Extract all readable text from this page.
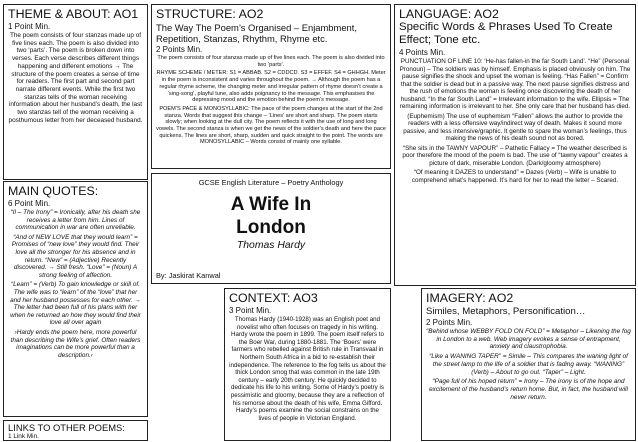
THEME & ABOUT: AO1
1 Point Min.

The poem consists of four stanzas made up of five lines each. The poem is also divided into two ‘parts’. The poem is broken down into verses. Each verse describes different things happening and different emotions → The structure of the poem creates a sense of time for readers. The first part and second part narrate different events. While the first two stanzas tells of the woman receiving information about her husband’s death, the last two stanzas tell of the woman receiving a posthumous letter from her deceased husband.

STRUCTURE: AO2
The Way The Poem’s Organised – Enjambment, Repetition, Stanzas, Rhythm, Rhyme etc.
2 Points Min.

The poem consists of four stanzas made up of five lines each. The poem is also divided into two ‘parts’.

RHYME SCHEME / METER: S1 = ABBAB. S2 = CDDCD. S3 = EFFEF. S4 = GHHGH. Meter in the poem is inconsistent and varies throughout the poem. → Although the poem has a regular rhyme scheme, the changing meter and irregular pattern of rhyme doesn’t create a ‘sing-song’, playful tune, also adds poignancy to the message. This emphasises the depressing mood and the emotion behind the poem’s message.

POEM’S PACE & MONOSYLLABIC: The pace of the poem changes at the start of the 2nd stanza. Words that suggest this change – ‘Lines’ are short and sharp. The poem starts slowly; when looking at the dull city. The poem reflects it with the use of long and long vowels. The second stanza is when we get the news of the soldier’s death and here the pace quickens. The lines are short, sharp, sudden and quick straight to the point. The words are MONOSYLLABIC – Words consist of mainly one syllable.

LANGUAGE: AO2
Specific Words & Phrases Used To Create Effect; Tone etc.
4 Points Min.

PUNCTUATION OF LINE 10: ‘He-has fallen-in the far South Land’. “He” (Personal Pronoun) – The soldiers was by himself. Emphasis is placed obviously on him. The pause signifies the shock and upset the woman is feeling. “Has Fallen” = Confirm that the soldier is dead but in a passive way. The next pause signifies distress and the rush of emotions the woman is feeling once discovering the death of her husband. “In the far South Land” = Irrelevant information to the wife. Ellipsis = The remaining information is irrelevant to her. She only care that her husband has died.

(Euphemism) The use of euphemism “Fallen” allows the author to provide the readers with a less offensive way/indirect way of death. Makes it sound more passive, and less intensive/graphic. It gentle to spare the woman’s feelings, thus making the news of his death sound not as bored.

“She sits in the TAWNY VAPOUR” – Pathetic Fallacy = The weather described is poor therefore the mood of the poem is bad. The use of “tawny vapour” creates a picture of dark, miserable London. (Dark/gloomy atmosphere)

“Of meaning it DAZES to understand” = Dazes (Verb) – Wife is unable to comprehend what’s happened. It’s hard for her to read the letter – Scared.

MAIN QUOTES:
6 Point Min.

“Il – The Irony” = Ironically, after his death she receives a letter from him. Lines of communication in war are often unreliable.

“And of NEW LOVE that they would learn” = Promises of “new love” they would find. Their love all the stronger for his absence and in return. “New” = (Adjective) Recently discovered. → Still fresh. “Love” = (Noun) A strong feeling of affection.

“Learn” = (Verb) To gain knowledge or skill of. The wife was to “learn” of the “love” that her and her husband possesses for each other. → The letter had been full of his plans with her when he returned an how they would find their love all over again

›Hardy ends the poem here, more powerful than describing the Wife’s grief. Often readers imaginations can be more powerful than a description.‹

GCSE English Literature – Poetry Anthology
A Wife In London
Thomas Hardy
By: Jaskirat Kanwal
CONTEXT: AO3
3 Point Min.

Thomas Hardy (1940-1928) was an English poet and novelist who often focuses on tragedy in his writing. Hardy wrote the poem in 1899. The poem itself refers to the Boer War, during 1880-1881. The ‘Boers’ were farmers who rebelled against British rule in Transvaal in Northern South Africa in a bid to re-establish their independence. The reference to the fog tells us about the thick London smog that was common in the late 19th century – early 20th century. He quickly decided to dedicate his life to his writing. Some of Hardy’s poetry is pessimistic and gloomy, because they are a reflection of his remorse about the death of his wife, Emma Gifford. Hardy’s poems examine the social constrains on the lives of people in Victorian England.

IMAGERY: AO2
Similes, Metaphors, Personification…
2 Points Min.

“Behind whose WEBBY FOLD ON FOLD” = Metaphor – Likening the fog in London to a web. Web imagery evokes a sense of entrapment, anxiety and claustrophobia.

“Like a WANING TAPER” = Simile – This compares the waning light of the street lamp to the life of a soldier that is fading away. “WANING” (Verb) – About to go out. “Taper” – Light.

“Page full of his hoped return” = Irony – The irony is of the hope and excitement of the husband’s return home. But, in fact, the husband will never return.

LINKS TO OTHER POEMS:
1 Link Min.
